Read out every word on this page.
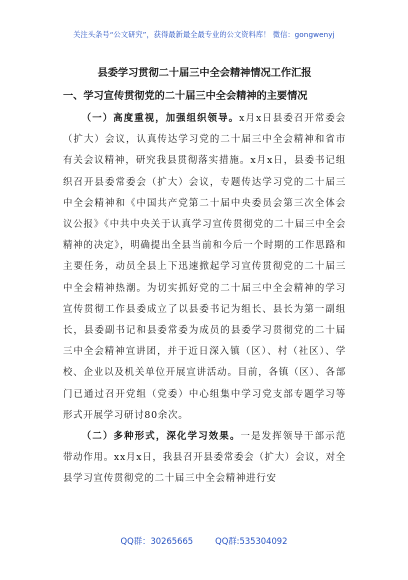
关注头条号“公文研究”，获得最新最全最专业的公文资料库！ 微信：gongwenyj
县委学习贯彻二十届三中全会精神情况工作汇报

一、学习宣传贯彻党的二十届三中全会精神的主要情况

（一）高度重视，加强组织领导。x月x日县委召开常委会（扩大）会议，认真传达学习党的二十届三中全会精神和省市有关会议精神，研究我县贯彻落实措施。x月x日，县委书记组织召开县委常委会（扩大）会议，专题传达学习党的二十届三中全会精神和《中国共产党第二十届中央委员会第三次全体会议公报》《中共中央关于认真学习宣传贯彻党的二十届三中全会精神的决定》，明确提出全县当前和今后一个时期的工作思路和主要任务，动员全县上下迅速掀起学习宣传贯彻党的二十届三中全会精神热潮。为切实抓好党的二十届三中全会精神的学习宣传贯彻工作县委成立了以县委书记为组长、县长为第一副组长，县委副书记和县委常委为成员的县委学习贯彻党的二十届三中全会精神宣讲团，并于近日深入镇（区）、村（社区）、学校、企业以及机关单位开展宣讲活动。目前，各镇（区）、各部门已通过召开党组（党委）中心组集中学习党支部专题学习等形式开展学习研讨80余次。

（二）多种形式，深化学习效果。一是发挥领导干部示范带动作用。xx月x日，我县召开县委常委会（扩大）会议，对全县学习宣传贯彻党的二十届三中全会精神进行安

QQ群：30265665	QQ群:535304092
